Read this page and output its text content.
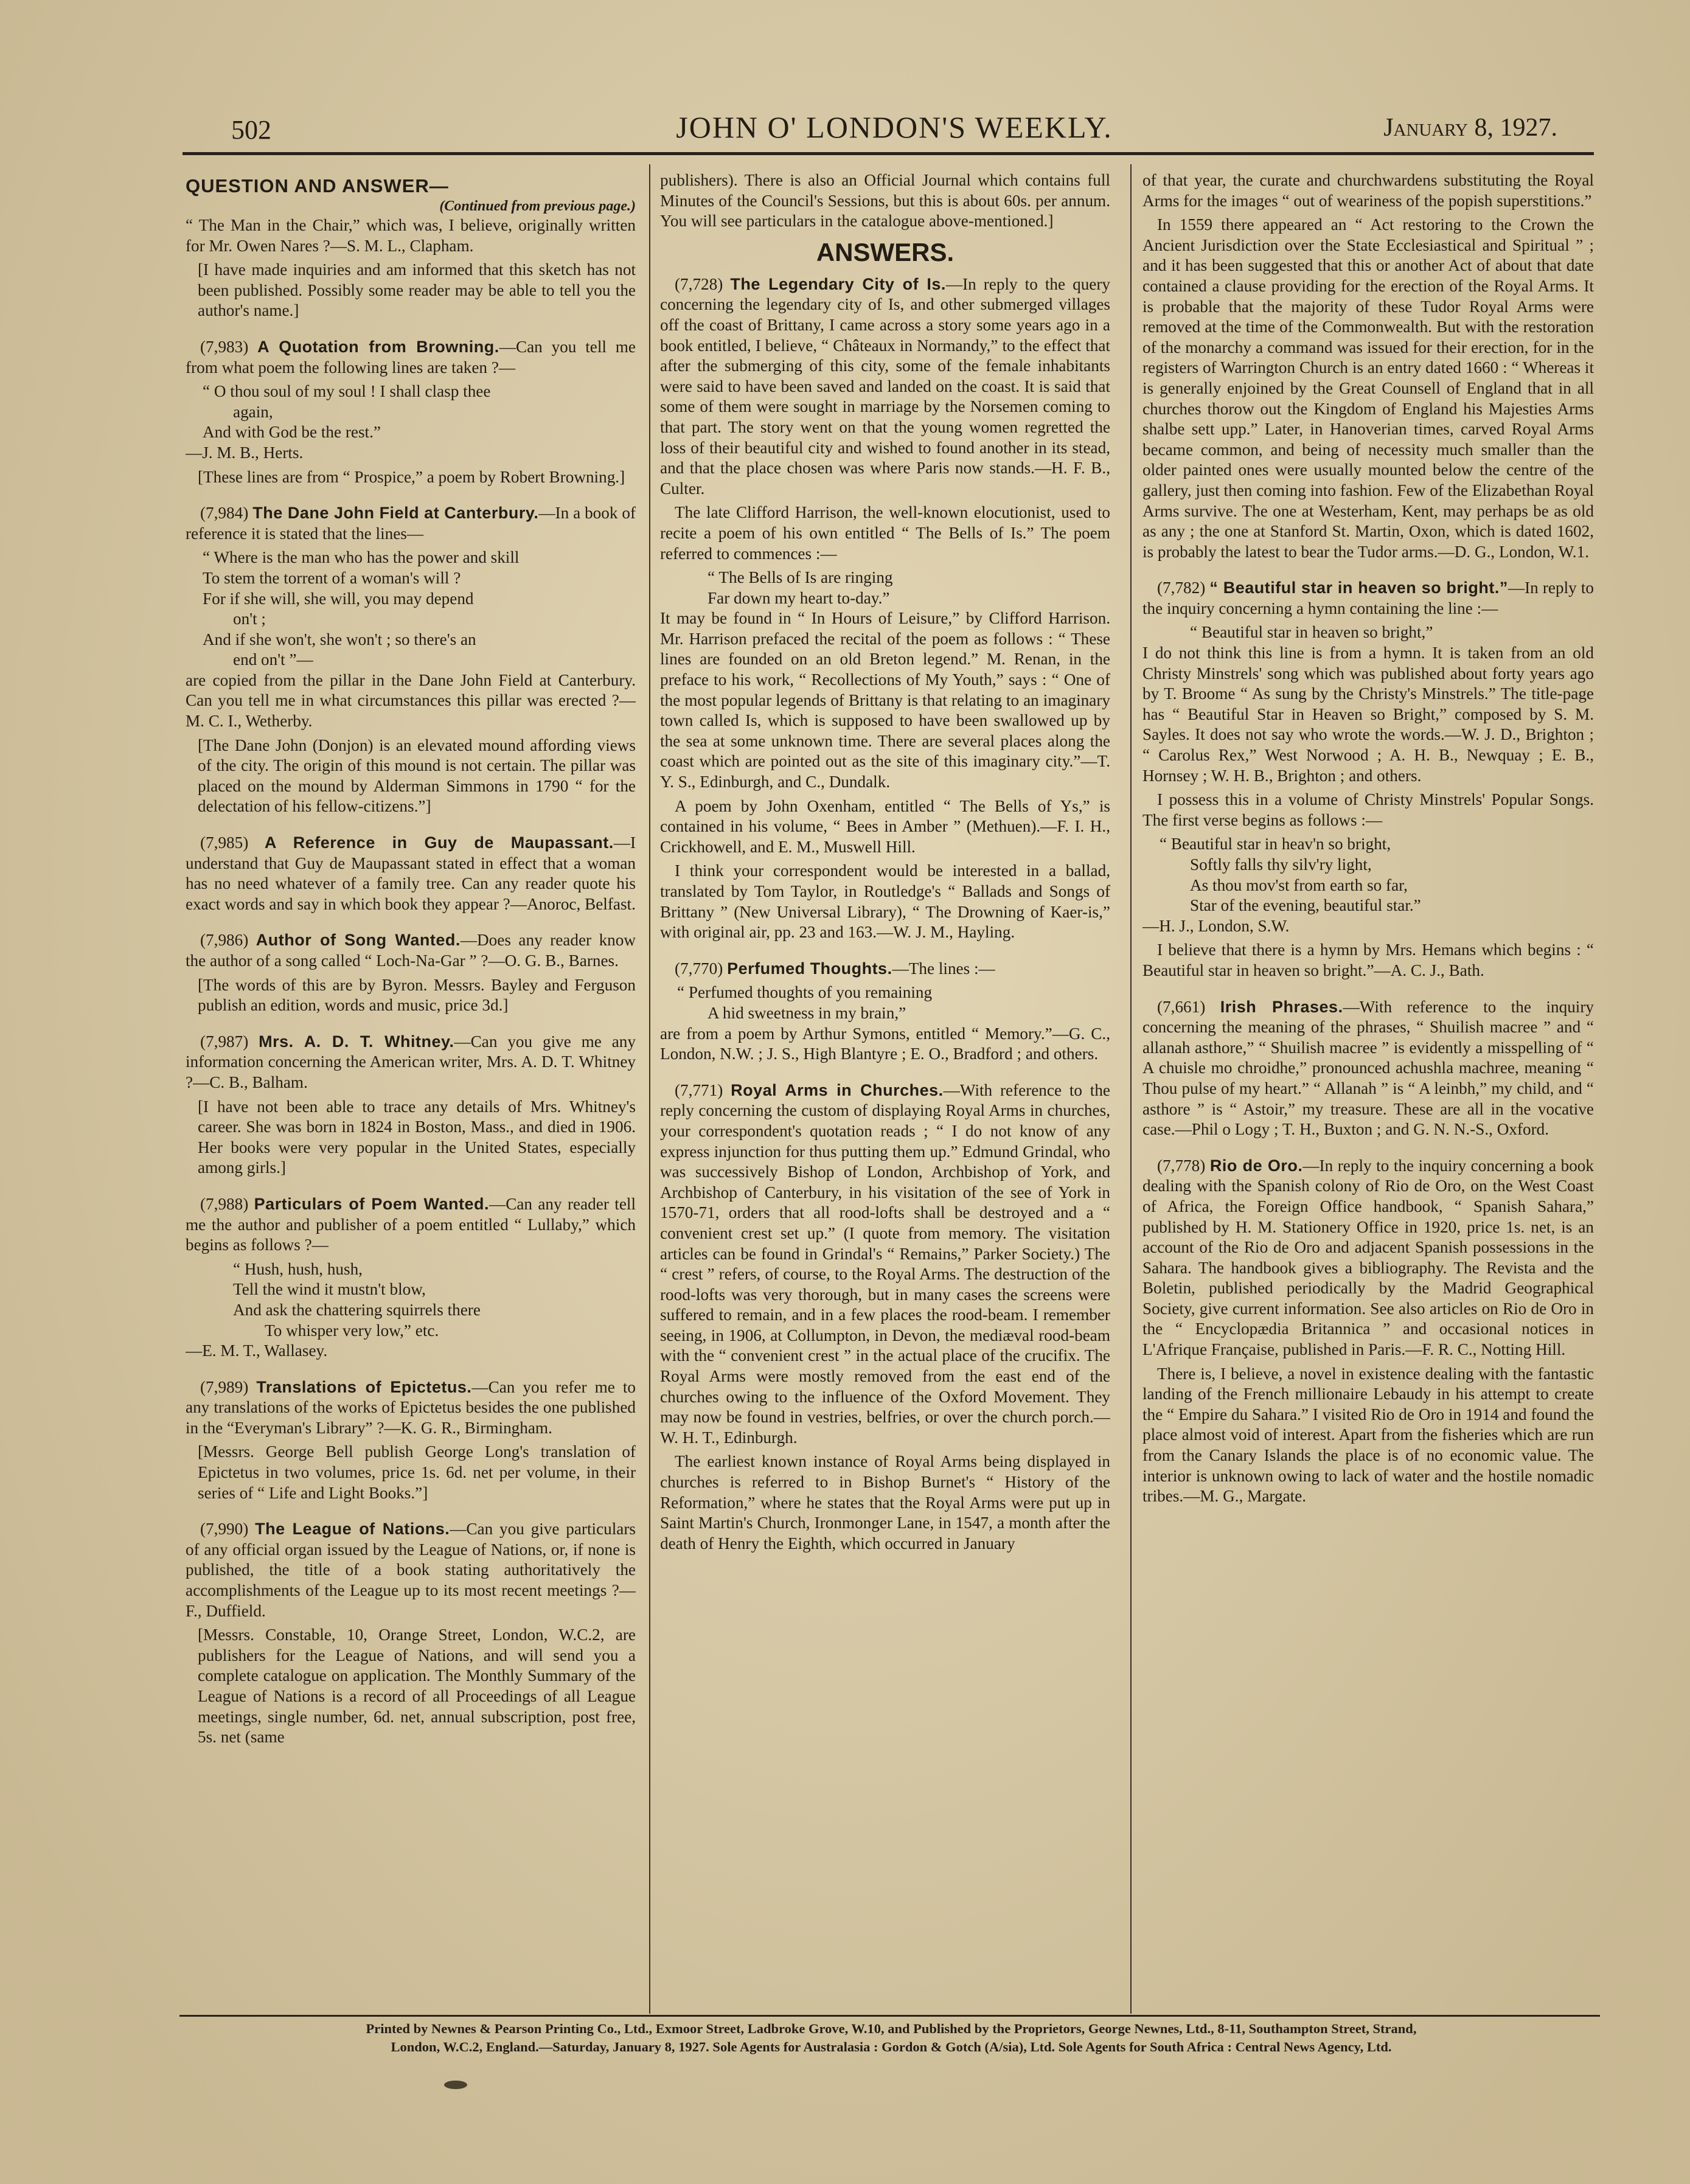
502	JOHN O' LONDON'S WEEKLY.	January 8, 1927.
QUESTION AND ANSWER—
(Continued from previous page.)

“ The Man in the Chair,” which was, I believe, originally written for Mr. Owen Nares ?—S. M. L., Clapham.

[I have made inquiries and am informed that this sketch has not been published. Possibly some reader may be able to tell you the author's name.]

(7,983) A Quotation from Browning.—Can you tell me from what poem the following lines are taken ?—

“ O thou soul of my soul ! I shall clasp thee

again,

And with God be the rest.”

—J. M. B., Herts.

[These lines are from “ Prospice,” a poem by Robert Browning.]

(7,984) The Dane John Field at Canterbury.—In a book of reference it is stated that the lines—

“ Where is the man who has the power and skill

To stem the torrent of a woman's will ?

For if she will, she will, you may depend

on't ;

And if she won't, she won't ; so there's an

end on't ”—

are copied from the pillar in the Dane John Field at Canterbury. Can you tell me in what circumstances this pillar was erected ?—M. C. I., Wetherby.

[The Dane John (Donjon) is an elevated mound affording views of the city. The origin of this mound is not certain. The pillar was placed on the mound by Alderman Simmons in 1790 “ for the delectation of his fellow-citizens.”]

(7,985) A Reference in Guy de Maupassant.—I understand that Guy de Maupassant stated in effect that a woman has no need whatever of a family tree. Can any reader quote his exact words and say in which book they appear ?—Anoroc, Belfast.

(7,986) Author of Song Wanted.—Does any reader know the author of a song called “ Loch-Na-Gar ” ?—O. G. B., Barnes.

[The words of this are by Byron. Messrs. Bayley and Ferguson publish an edition, words and music, price 3d.]

(7,987) Mrs. A. D. T. Whitney.—Can you give me any information concerning the American writer, Mrs. A. D. T. Whitney ?—C. B., Balham.

[I have not been able to trace any details of Mrs. Whitney's career. She was born in 1824 in Boston, Mass., and died in 1906. Her books were very popular in the United States, especially among girls.]

(7,988) Particulars of Poem Wanted.—Can any reader tell me the author and publisher of a poem entitled “ Lullaby,” which begins as follows ?—

“ Hush, hush, hush,

Tell the wind it mustn't blow,

And ask the chattering squirrels there

To whisper very low,” etc.

—E. M. T., Wallasey.

(7,989) Translations of Epictetus.—Can you refer me to any translations of the works of Epictetus besides the one published in the “Everyman's Library” ?—K. G. R., Birmingham.

[Messrs. George Bell publish George Long's translation of Epictetus in two volumes, price 1s. 6d. net per volume, in their series of “ Life and Light Books.”]

(7,990) The League of Nations.—Can you give particulars of any official organ issued by the League of Nations, or, if none is published, the title of a book stating authoritatively the accomplishments of the League up to its most recent meetings ?—F., Duffield.

[Messrs. Constable, 10, Orange Street, London, W.C.2, are publishers for the League of Nations, and will send you a complete catalogue on application. The Monthly Summary of the League of Nations is a record of all Proceedings of all League meetings, single number, 6d. net, annual subscription, post free, 5s. net (same

publishers). There is also an Official Journal which contains full Minutes of the Council's Sessions, but this is about 60s. per annum. You will see particulars in the catalogue above-mentioned.]

ANSWERS.

(7,728) The Legendary City of Is.—In reply to the query concerning the legendary city of Is, and other submerged villages off the coast of Brittany, I came across a story some years ago in a book entitled, I believe, “ Châteaux in Normandy,” to the effect that after the submerging of this city, some of the female inhabitants were said to have been saved and landed on the coast. It is said that some of them were sought in marriage by the Norsemen coming to that part. The story went on that the young women regretted the loss of their beautiful city and wished to found another in its stead, and that the place chosen was where Paris now stands.—H. F. B., Culter.

The late Clifford Harrison, the well-known elocutionist, used to recite a poem of his own entitled “ The Bells of Is.” The poem referred to commences :—

“ The Bells of Is are ringing

Far down my heart to-day.”

It may be found in “ In Hours of Leisure,” by Clifford Harrison. Mr. Harrison prefaced the recital of the poem as follows : “ These lines are founded on an old Breton legend.” M. Renan, in the preface to his work, “ Recollections of My Youth,” says : “ One of the most popular legends of Brittany is that relating to an imaginary town called Is, which is supposed to have been swallowed up by the sea at some unknown time. There are several places along the coast which are pointed out as the site of this imaginary city.”—T. Y. S., Edinburgh, and C., Dundalk.

A poem by John Oxenham, entitled “ The Bells of Ys,” is contained in his volume, “ Bees in Amber ” (Methuen).—F. I. H., Crickhowell, and E. M., Muswell Hill.

I think your correspondent would be interested in a ballad, translated by Tom Taylor, in Routledge's “ Ballads and Songs of Brittany ” (New Universal Library), “ The Drowning of Kaer-is,” with original air, pp. 23 and 163.—W. J. M., Hayling.

(7,770) Perfumed Thoughts.—The lines :—

“ Perfumed thoughts of you remaining

A hid sweetness in my brain,”

are from a poem by Arthur Symons, entitled “ Memory.”—G. C., London, N.W. ; J. S., High Blantyre ; E. O., Bradford ; and others.

(7,771) Royal Arms in Churches.—With reference to the reply concerning the custom of displaying Royal Arms in churches, your correspondent's quotation reads ; “ I do not know of any express injunction for thus putting them up.” Edmund Grindal, who was successively Bishop of London, Archbishop of York, and Archbishop of Canterbury, in his visitation of the see of York in 1570-71, orders that all rood-lofts shall be destroyed and a “ convenient crest set up.” (I quote from memory. The visitation articles can be found in Grindal's “ Remains,” Parker Society.) The “ crest ” refers, of course, to the Royal Arms. The destruction of the rood-lofts was very thorough, but in many cases the screens were suffered to remain, and in a few places the rood-beam. I remember seeing, in 1906, at Collumpton, in Devon, the mediæval rood-beam with the “ convenient crest ” in the actual place of the crucifix. The Royal Arms were mostly removed from the east end of the churches owing to the influence of the Oxford Movement. They may now be found in vestries, belfries, or over the church porch.—W. H. T., Edinburgh.

The earliest known instance of Royal Arms being displayed in churches is referred to in Bishop Burnet's “ History of the Reformation,” where he states that the Royal Arms were put up in Saint Martin's Church, Ironmonger Lane, in 1547, a month after the death of Henry the Eighth, which occurred in January

of that year, the curate and churchwardens substituting the Royal Arms for the images “ out of weariness of the popish superstitions.”

In 1559 there appeared an “ Act restoring to the Crown the Ancient Jurisdiction over the State Ecclesiastical and Spiritual ” ; and it has been suggested that this or another Act of about that date contained a clause providing for the erection of the Royal Arms. It is probable that the majority of these Tudor Royal Arms were removed at the time of the Commonwealth. But with the restoration of the monarchy a command was issued for their erection, for in the registers of Warrington Church is an entry dated 1660 : “ Whereas it is generally enjoined by the Great Counsell of England that in all churches thorow out the Kingdom of England his Majesties Arms shalbe sett upp.” Later, in Hanoverian times, carved Royal Arms became common, and being of necessity much smaller than the older painted ones were usually mounted below the centre of the gallery, just then coming into fashion. Few of the Elizabethan Royal Arms survive. The one at Westerham, Kent, may perhaps be as old as any ; the one at Stanford St. Martin, Oxon, which is dated 1602, is probably the latest to bear the Tudor arms.—D. G., London, W.1.

(7,782) “ Beautiful star in heaven so bright.”—In reply to the inquiry concerning a hymn containing the line :—

“ Beautiful star in heaven so bright,”

I do not think this line is from a hymn. It is taken from an old Christy Minstrels' song which was published about forty years ago by T. Broome “ As sung by the Christy's Minstrels.” The title-page has “ Beautiful Star in Heaven so Bright,” composed by S. M. Sayles. It does not say who wrote the words.—W. J. D., Brighton ; “ Carolus Rex,” West Norwood ; A. H. B., Newquay ; E. B., Hornsey ; W. H. B., Brighton ; and others.

I possess this in a volume of Christy Minstrels' Popular Songs. The first verse begins as follows :—

“ Beautiful star in heav'n so bright,

Softly falls thy silv'ry light,

As thou mov'st from earth so far,

Star of the evening, beautiful star.”

—H. J., London, S.W.

I believe that there is a hymn by Mrs. Hemans which begins : “ Beautiful star in heaven so bright.”—A. C. J., Bath.

(7,661) Irish Phrases.—With reference to the inquiry concerning the meaning of the phrases, “ Shuilish macree ” and “ allanah asthore,” “ Shuilish macree ” is evidently a misspelling of “ A chuisle mo chroidhe,” pronounced achushla machree, meaning “ Thou pulse of my heart.” “ Allanah ” is “ A leinbh,” my child, and “ asthore ” is “ Astoir,” my treasure. These are all in the vocative case.—Phil o Logy ; T. H., Buxton ; and G. N. N.-S., Oxford.

(7,778) Rio de Oro.—In reply to the inquiry concerning a book dealing with the Spanish colony of Rio de Oro, on the West Coast of Africa, the Foreign Office handbook, “ Spanish Sahara,” published by H. M. Stationery Office in 1920, price 1s. net, is an account of the Rio de Oro and adjacent Spanish possessions in the Sahara. The handbook gives a bibliography. The Revista and the Boletin, published periodically by the Madrid Geographical Society, give current information. See also articles on Rio de Oro in the “ Encyclopædia Britannica ” and occasional notices in L'Afrique Française, published in Paris.—F. R. C., Notting Hill.

There is, I believe, a novel in existence dealing with the fantastic landing of the French millionaire Lebaudy in his attempt to create the “ Empire du Sahara.” I visited Rio de Oro in 1914 and found the place almost void of interest. Apart from the fisheries which are run from the Canary Islands the place is of no economic value. The interior is unknown owing to lack of water and the hostile nomadic tribes.—M. G., Margate.

Printed by Newnes & Pearson Printing Co., Ltd., Exmoor Street, Ladbroke Grove, W.10, and Published by the Proprietors, George Newnes, Ltd., 8-11, Southampton Street, Strand,
London, W.C.2, England.—Saturday, January 8, 1927. Sole Agents for Australasia : Gordon & Gotch (A/sia), Ltd. Sole Agents for South Africa : Central News Agency, Ltd.
